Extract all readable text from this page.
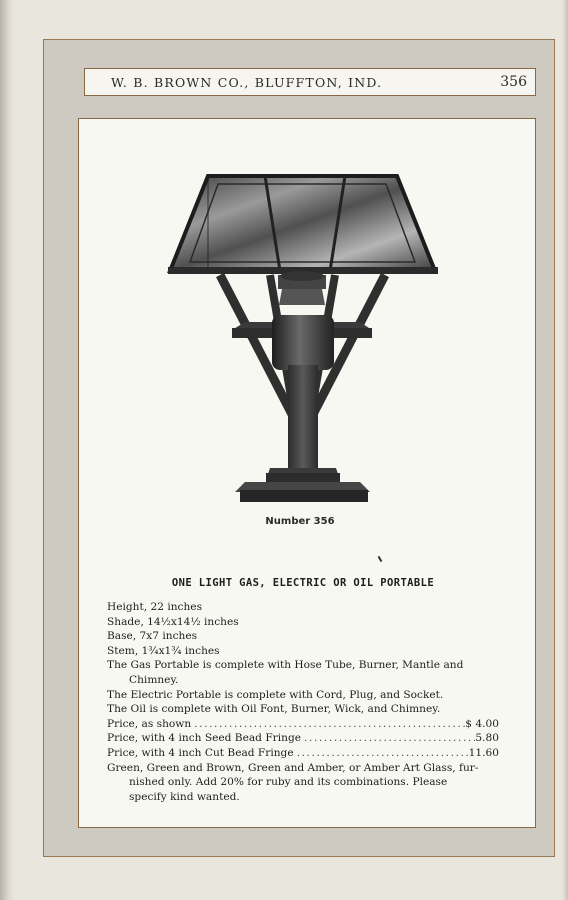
W. B. BROWN CO., BLUFFTON, IND.	356
Number 356
ONE LIGHT GAS, ELECTRIC OR OIL PORTABLE
Height, 22 inches
Shade, 14½x14½ inches
Base, 7x7 inches
Stem, 1¾x1¾ inches
The Gas Portable is complete with Hose Tube, Burner, Mantle and
Chimney.
The Electric Portable is complete with Cord, Plug, and Socket.
The Oil is complete with Oil Font, Burner, Wick, and Chimney.
Price, as shown .....	$ 4.00
Price, with 4 inch Seed Bead Fringe .....	5.80
Price, with 4 inch Cut Bead Fringe .....	11.60
Green, Green and Brown, Green and Amber, or Amber Art Glass, fur-
nished only. Add 20% for ruby and its combinations. Please
specify kind wanted.
